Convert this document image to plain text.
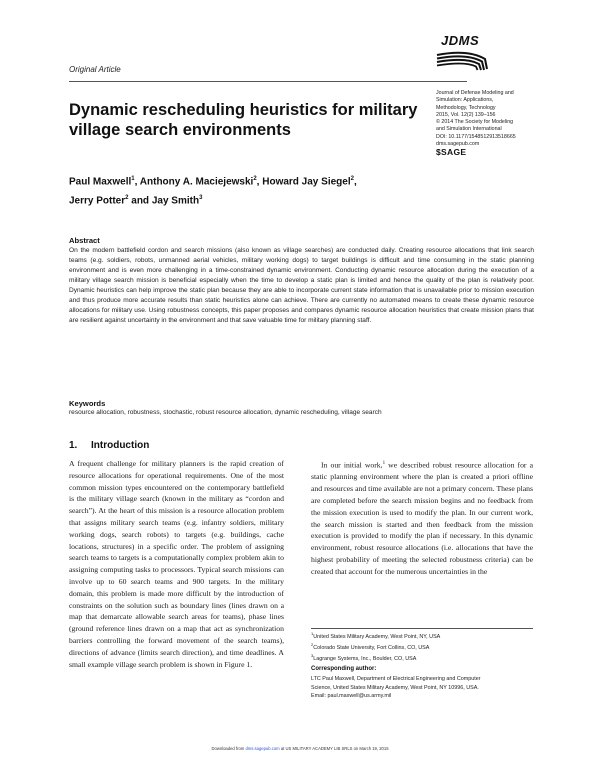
Original Article
JDMS
Journal of Defense Modeling and
Simulation: Applications,
Methodology, Technology
2015, Vol. 12(2) 139–156
© 2014 The Society for Modeling
and Simulation International
DOI: 10.1177/1548512913518665
dms.sagepub.com
$SAGE
Dynamic rescheduling heuristics for military village search environments
Paul Maxwell$^1$, Anthony A. Maciejewski$^2$, Howard Jay Siegel$^2$,
Jerry Potter$^2$ and Jay Smith$^3$
Abstract
On the modern battlefield cordon and search missions (also known as village searches) are conducted daily. Creating resource allocations that link search teams (e.g. soldiers, robots, unmanned aerial vehicles, military working dogs) to target buildings is difficult and time consuming in the static planning environment and is even more challenging in a time-constrained dynamic environment. Conducting dynamic resource allocation during the execution of a military village search mission is beneficial especially when the time to develop a static plan is limited and hence the quality of the plan is relatively poor. Dynamic heuristics can help improve the static plan because they are able to incorporate current state information that is unavailable prior to mission execution and thus produce more accurate results than static heuristics alone can achieve. There are currently no automated means to create these dynamic resource allocations for military use. Using robustness concepts, this paper proposes and compares dynamic resource allocation heuristics that create mission plans that are resilient against uncertainty in the environment and that save valuable time for military planning staff.
Keywords
resource allocation, robustness, stochastic, robust resource allocation, dynamic rescheduling, village search
1. Introduction
A frequent challenge for military planners is the rapid creation of resource allocations for operational requirements. One of the most common mission types encountered on the contemporary battlefield is the military village search (known in the military as “cordon and search”). At the heart of this mission is a resource allocation problem that assigns military search teams (e.g. infantry soldiers, military working dogs, search robots) to targets (e.g. buildings, cache locations, structures) in a specific order. The problem of assigning search teams to targets is a computationally complex problem akin to assigning computing tasks to processors. Typical search missions can involve up to 60 search teams and 900 targets. In the military domain, this problem is made more difficult by the introduction of constraints on the solution such as boundary lines (lines drawn on a map that demarcate allowable search areas for teams), phase lines (ground reference lines drawn on a map that act as synchronization barriers controlling the forward movement of the search teams), directions of advance (limits search direction), and time deadlines. A small example village search problem is shown in Figure 1.
In our initial work,$^1$ we described robust resource allocation for a static planning environment where the plan is created a priori offline and resources and time available are not a primary concern. These plans are completed before the search mission begins and no feedback from the mission execution is used to modify the plan. In our current work, the search mission is started and then feedback from the mission execution is provided to modify the plan if necessary. In this dynamic environment, robust resource allocations (i.e. allocations that have the highest probability of meeting the selected robustness criteria) can be created that account for the numerous uncertainties in the
$^1$United States Military Academy, West Point, NY, USA
$^2$Colorado State University, Fort Collins, CO, USA
$^3$Lagrange Systems, Inc., Boulder, CO, USA
Corresponding author:
LTC Paul Maxwell, Department of Electrical Engineering and Computer
Science, United States Military Academy, West Point, NY 10996, USA.
Email: paul.maxwell@us.army.mil
Downloaded from dms.sagepub.com at US MILITARY ACADEMY LIB SRLS on March 19, 2015
